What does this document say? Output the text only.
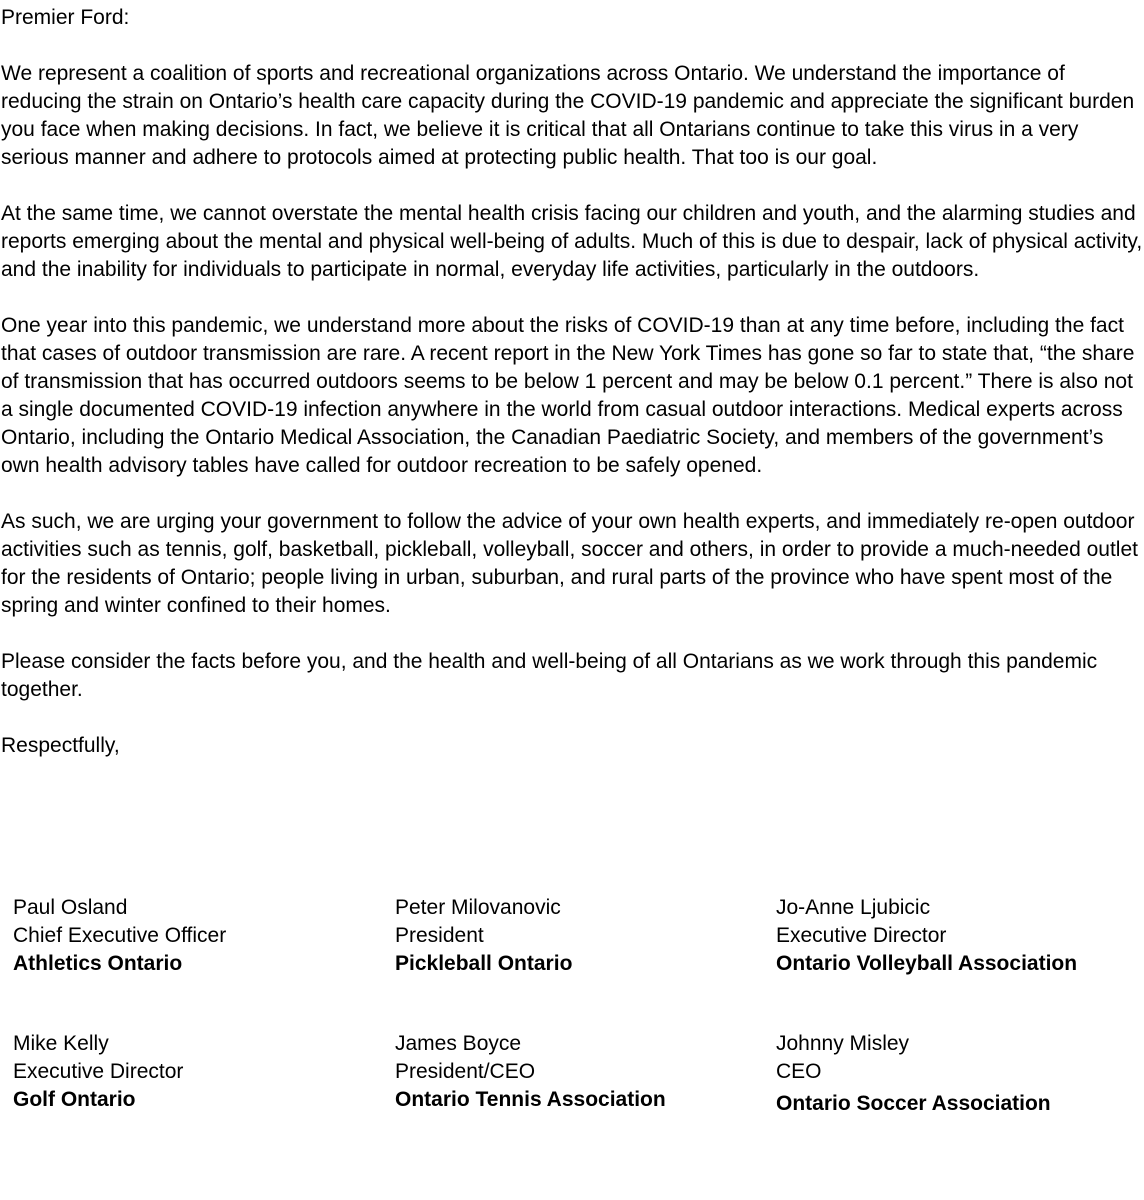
Premier Ford:

We represent a coalition of sports and recreational organizations across Ontario. We understand the importance of reducing the strain on Ontario’s health care capacity during the COVID-19 pandemic and appreciate the significant burden you face when making decisions. In fact, we believe it is critical that all Ontarians continue to take this virus in a very serious manner and adhere to protocols aimed at protecting public health. That too is our goal.

At the same time, we cannot overstate the mental health crisis facing our children and youth, and the alarming studies and reports emerging about the mental and physical well-being of adults. Much of this is due to despair, lack of physical activity, and the inability for individuals to participate in normal, everyday life activities, particularly in the outdoors.

One year into this pandemic, we understand more about the risks of COVID-19 than at any time before, including the fact that cases of outdoor transmission are rare. A recent report in the New York Times has gone so far to state that, “the share of transmission that has occurred outdoors seems to be below 1 percent and may be below 0.1 percent.” There is also not a single documented COVID-19 infection anywhere in the world from casual outdoor interactions. Medical experts across Ontario, including the Ontario Medical Association, the Canadian Paediatric Society, and members of the government’s own health advisory tables have called for outdoor recreation to be safely opened.

As such, we are urging your government to follow the advice of your own health experts, and immediately re-open outdoor activities such as tennis, golf, basketball, pickleball, volleyball, soccer and others, in order to provide a much-needed outlet for the residents of Ontario; people living in urban, suburban, and rural parts of the province who have spent most of the spring and winter confined to their homes.

Please consider the facts before you, and the health and well-being of all Ontarians as we work through this pandemic together.

Respectfully,

Paul Osland
Chief Executive Officer
Athletics Ontario
Peter Milovanovic
President
Pickleball Ontario
Jo-Anne Ljubicic
Executive Director
Ontario Volleyball Association
Mike Kelly
Executive Director
Golf Ontario
James Boyce
President/CEO
Ontario Tennis Association
Johnny Misley
CEO
Ontario Soccer Association
